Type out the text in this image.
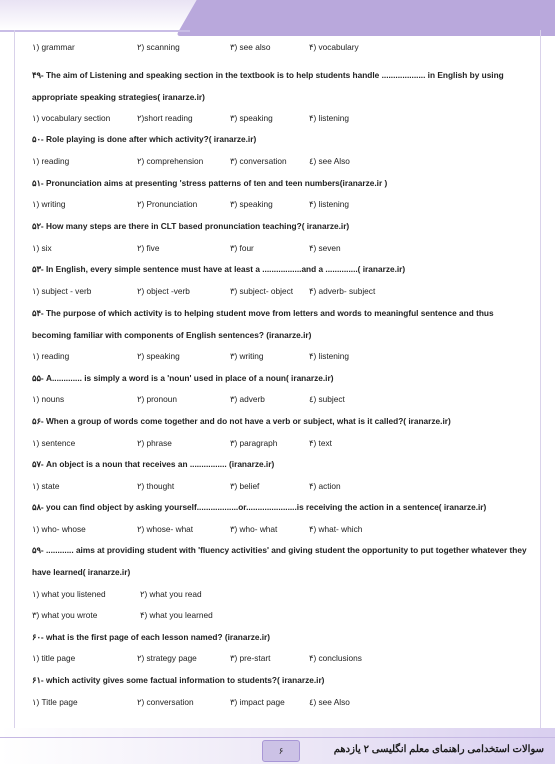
۱) grammar	۲) scanning	۳) see also	۴) vocabulary
۴۹- The aim of Listening and speaking section in the textbook is to help students handle ................... in English by using appropriate speaking strategies( iranarze.ir)
۱) vocabulary section	۲)short reading	۳) speaking	۴) listening
۵۰- Role playing is done after which activity?( iranarze.ir)
۱) reading	۲) comprehension	۳) conversation	٤) see Also
۵۱- Pronunciation aims at presenting 'stress patterns of ten and teen numbers(iranarze.ir )
۱) writing	۲) Pronunciation	۳) speaking	۴) listening
۵۲- How many steps are there in CLT based pronunciation teaching?( iranarze.ir)
۱) six	۲) five	۳) four	۴) seven
۵۳- In English, every simple sentence must have at least a .................and a ..............( iranarze.ir)
۱) subject - verb	۲) object -verb	۳) subject- object ۴) adverb- subject
۵۴- The purpose of which activity is to helping student move from letters and words to meaningful sentence and thus becoming familiar with components of English sentences? (iranarze.ir)
۱) reading	۲) speaking	۳) writing	۴) listening
۵۵- A............. is simply a word is a 'noun' used in place of a noun( iranarze.ir)
۱) nouns	۲) pronoun	۳) adverb	٤) subject
۵۶- When a group of words come together and do not have a verb or subject, what is it called?( iranarze.ir)
۱) sentence	۲) phrase	۳) paragraph	۴) text
۵۷- An object is a noun that receives an ................ (iranarze.ir)
۱) state	۲) thought	۳) belief	۴) action
۵۸- you can find object by asking yourself..................or......................is receiving the action in a sentence( iranarze.ir)
۱) who- whose	۲) whose- what	۳) who- what	۴) what- which
۵۹- ............ aims at providing student with 'fluency activities' and giving student the opportunity to put together whatever they have learned( iranarze.ir)
۱) what you listened	۲) what you read
۳) what you wrote	۴) what you learned
۶۰- what is the first page of each lesson named? (iranarze.ir)
۱) title page	۲) strategy page	۳) pre-start	۴) conclusions
۶۱- which activity gives some factual information to students?( iranarze.ir)
۱) Title page	۲) conversation	۳) impact page	٤) see Also
۶	سوالات استخدامی راهنمای معلم انگلیسی ۲ یازدهم
